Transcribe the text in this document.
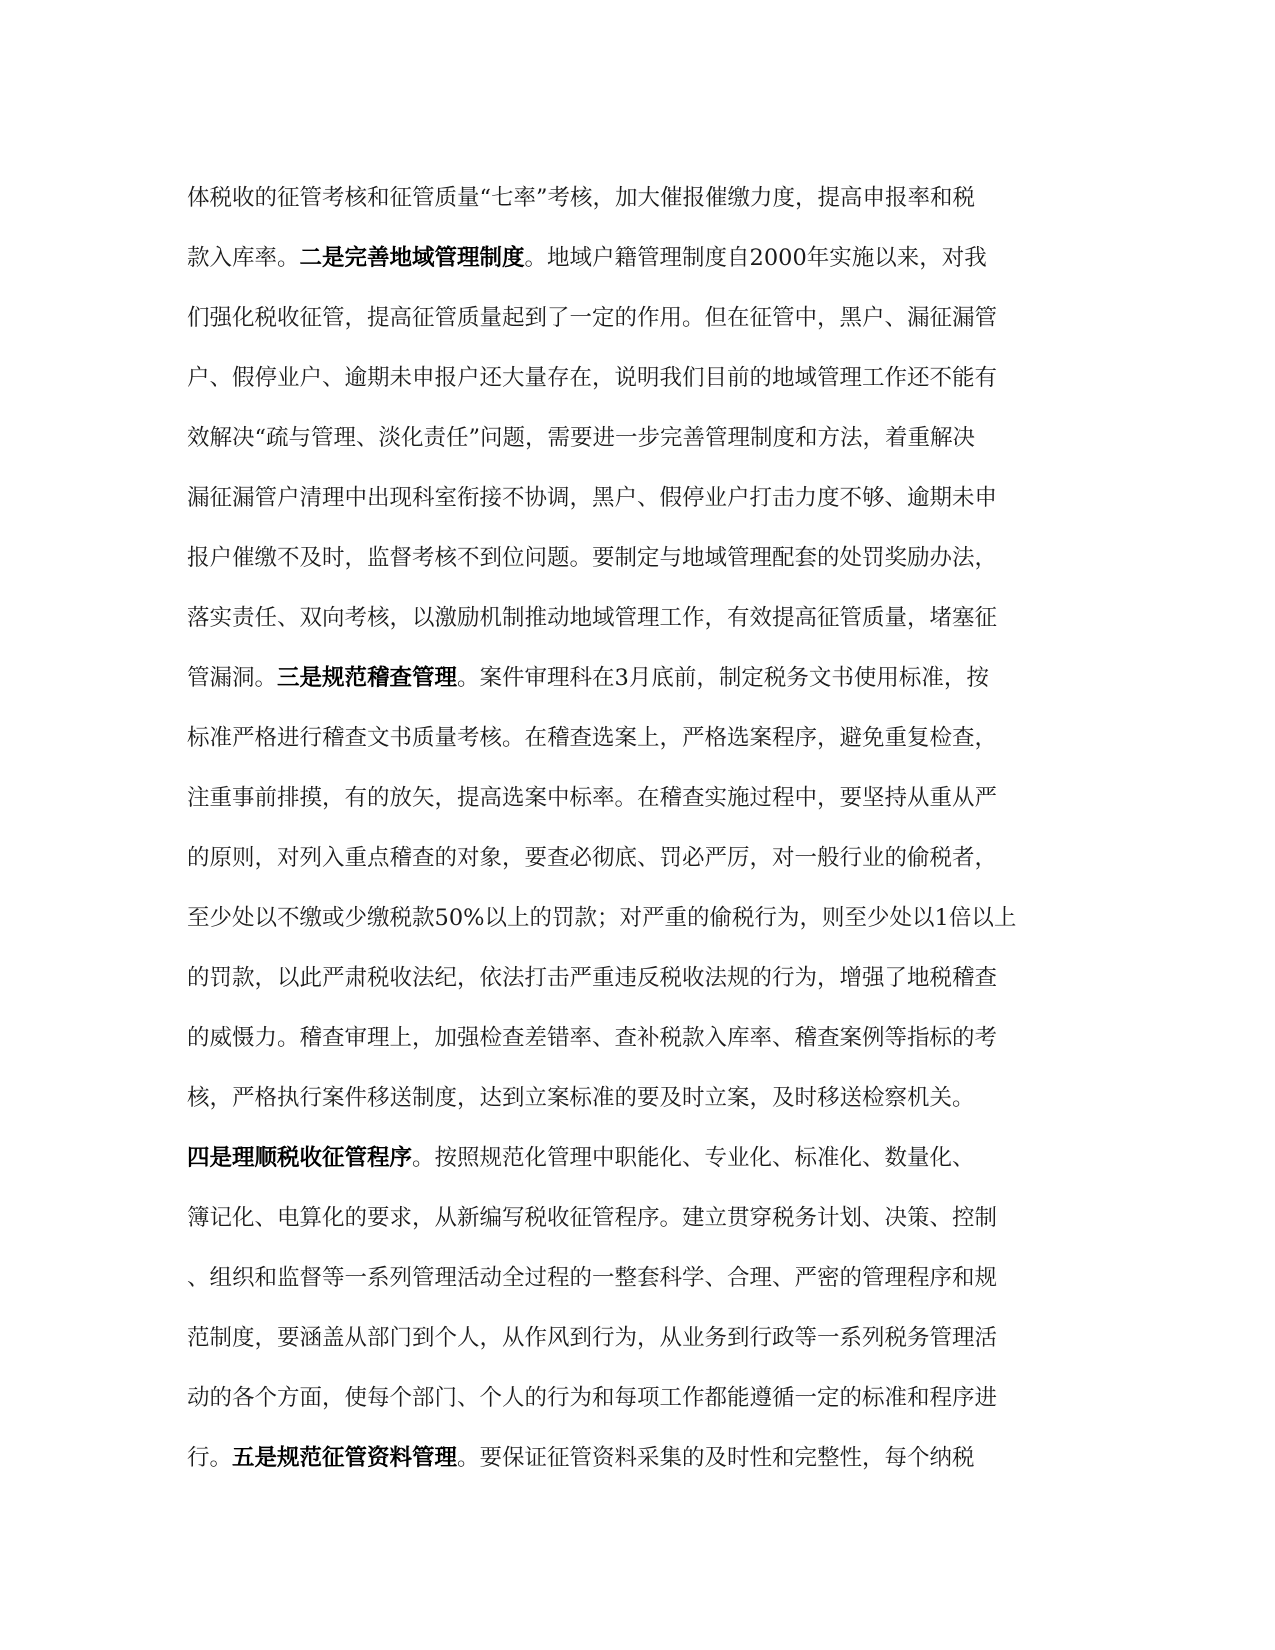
体税收的征管考核和征管质量“七率”考核，加大催报催缴力度，提高申报率和税
款入库率。二是完善地域管理制度。地域户籍管理制度自2000年实施以来，对我
们强化税收征管，提高征管质量起到了一定的作用。但在征管中，黑户、漏征漏管
户、假停业户、逾期未申报户还大量存在，说明我们目前的地域管理工作还不能有
效解决“疏与管理、淡化责任”问题，需要进一步完善管理制度和方法，着重解决
漏征漏管户清理中出现科室衔接不协调，黑户、假停业户打击力度不够、逾期未申
报户催缴不及时，监督考核不到位问题。要制定与地域管理配套的处罚奖励办法，
落实责任、双向考核，以激励机制推动地域管理工作，有效提高征管质量，堵塞征
管漏洞。三是规范稽查管理。案件审理科在3月底前，制定税务文书使用标准，按
标准严格进行稽查文书质量考核。在稽查选案上，严格选案程序，避免重复检查，
注重事前排摸，有的放矢，提高选案中标率。在稽查实施过程中，要坚持从重从严
的原则，对列入重点稽查的对象，要查必彻底、罚必严厉，对一般行业的偷税者，
至少处以不缴或少缴税款50%以上的罚款；对严重的偷税行为，则至少处以1倍以上
的罚款，以此严肃税收法纪，依法打击严重违反税收法规的行为，增强了地税稽查
的威慑力。稽查审理上，加强检查差错率、查补税款入库率、稽查案例等指标的考
核，严格执行案件移送制度，达到立案标准的要及时立案，及时移送检察机关。
四是理顺税收征管程序。按照规范化管理中职能化、专业化、标准化、数量化、
簿记化、电算化的要求，从新编写税收征管程序。建立贯穿税务计划、决策、控制
、组织和监督等一系列管理活动全过程的一整套科学、合理、严密的管理程序和规
范制度，要涵盖从部门到个人，从作风到行为，从业务到行政等一系列税务管理活
动的各个方面，使每个部门、个人的行为和每项工作都能遵循一定的标准和程序进
行。五是规范征管资料管理。要保证征管资料采集的及时性和完整性，每个纳税
